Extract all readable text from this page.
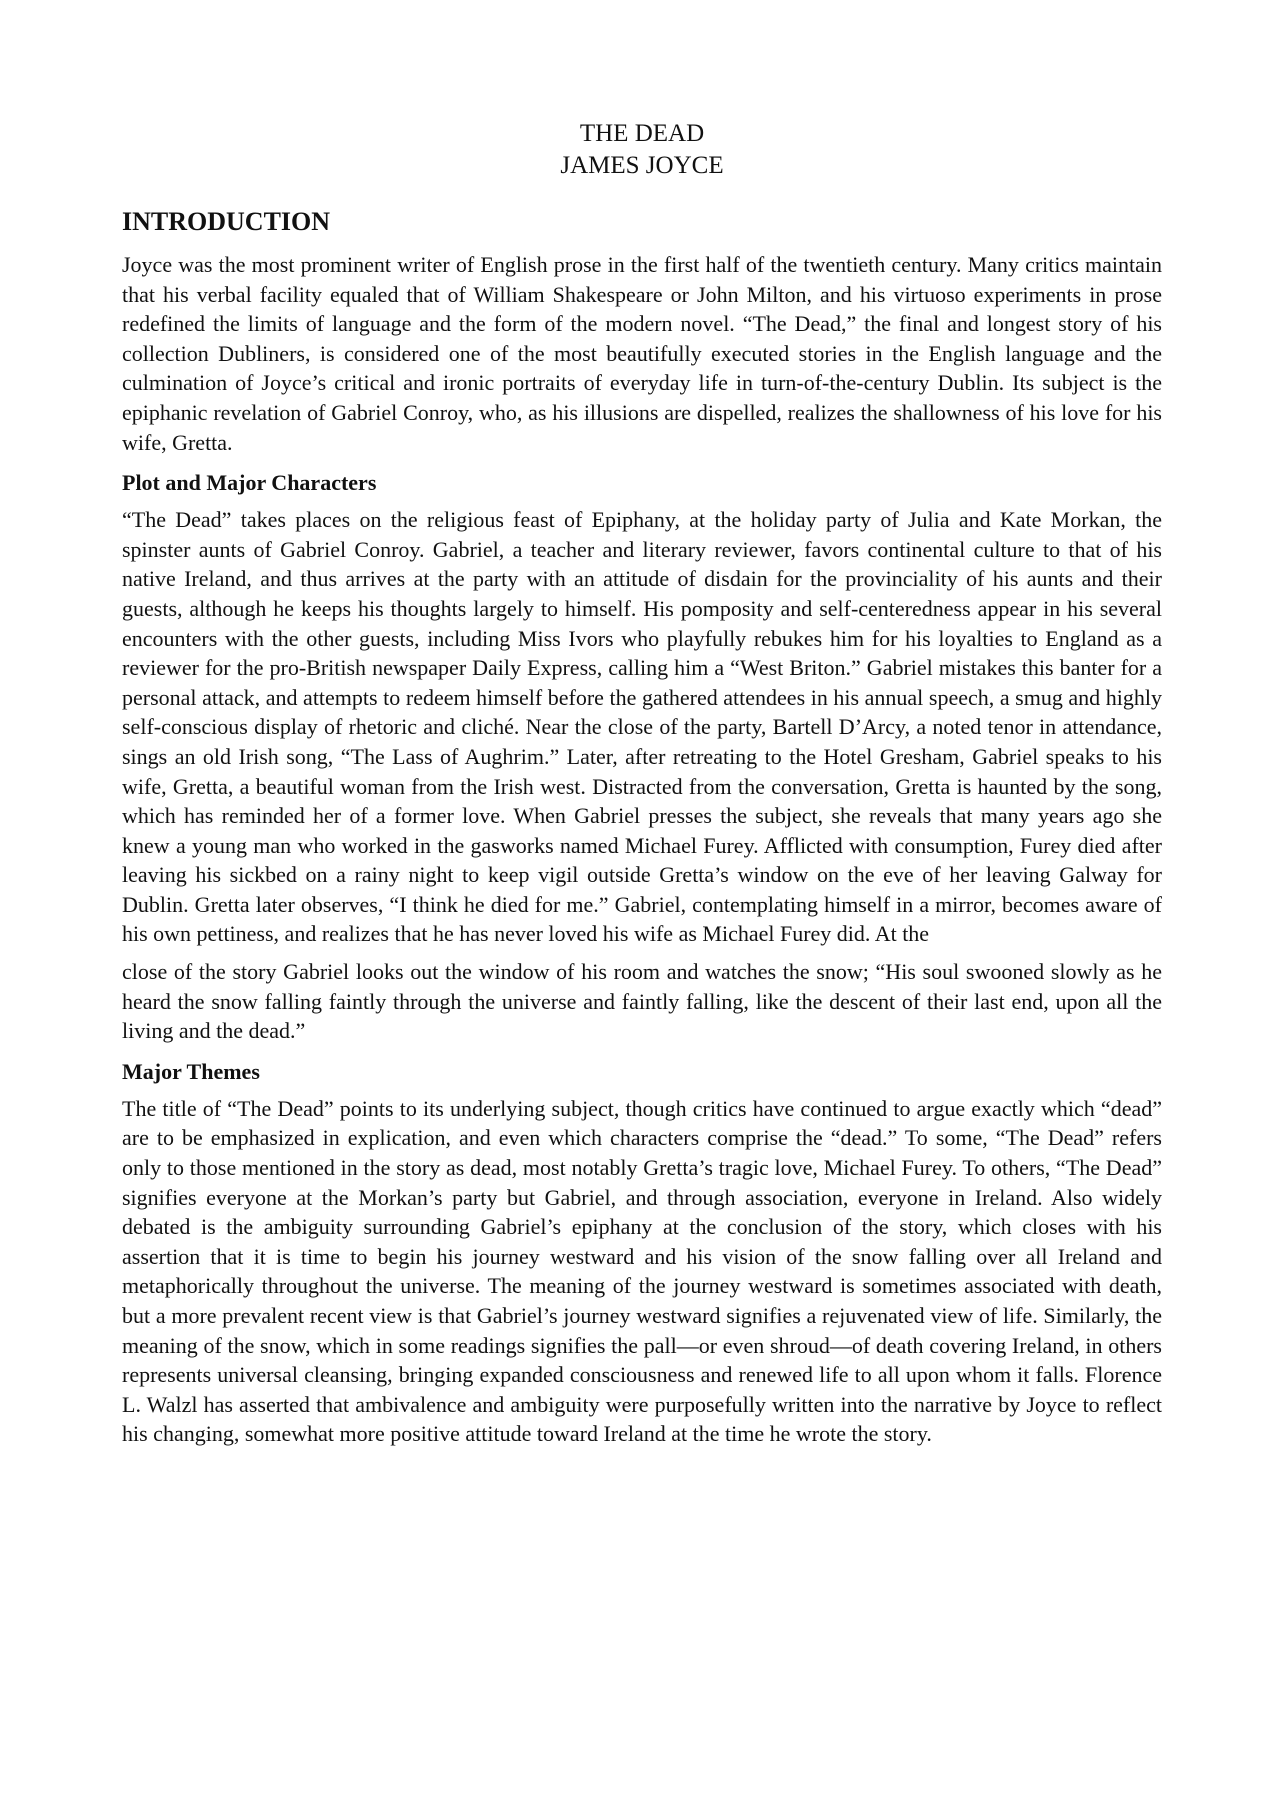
THE DEAD
JAMES JOYCE
INTRODUCTION

Joyce was the most prominent writer of English prose in the first half of the twentieth century. Many critics maintain that his verbal facility equaled that of William Shakespeare or John Milton, and his virtuoso experiments in prose redefined the limits of language and the form of the modern novel. “The Dead,” the final and longest story of his collection Dubliners, is considered one of the most beautifully executed stories in the English language and the culmination of Joyce’s critical and ironic portraits of everyday life in turn-of-the-century Dublin. Its subject is the epiphanic revelation of Gabriel Conroy, who, as his illusions are dispelled, realizes the shallowness of his love for his wife, Gretta.

Plot and Major Characters

“The Dead” takes places on the religious feast of Epiphany, at the holiday party of Julia and Kate Morkan, the spinster aunts of Gabriel Conroy. Gabriel, a teacher and literary reviewer, favors continental culture to that of his native Ireland, and thus arrives at the party with an attitude of disdain for the provinciality of his aunts and their guests, although he keeps his thoughts largely to himself. His pomposity and self-centeredness appear in his several encounters with the other guests, including Miss Ivors who playfully rebukes him for his loyalties to England as a reviewer for the pro-British newspaper Daily Express, calling him a “West Briton.” Gabriel mistakes this banter for a personal attack, and attempts to redeem himself before the gathered attendees in his annual speech, a smug and highly self-conscious display of rhetoric and cliché. Near the close of the party, Bartell D’Arcy, a noted tenor in attendance, sings an old Irish song, “The Lass of Aughrim.” Later, after retreating to the Hotel Gresham, Gabriel speaks to his wife, Gretta, a beautiful woman from the Irish west. Distracted from the conversation, Gretta is haunted by the song, which has reminded her of a former love. When Gabriel presses the subject, she reveals that many years ago she knew a young man who worked in the gasworks named Michael Furey. Afflicted with consumption, Furey died after leaving his sickbed on a rainy night to keep vigil outside Gretta’s window on the eve of her leaving Galway for Dublin. Gretta later observes, “I think he died for me.” Gabriel, contemplating himself in a mirror, becomes aware of his own pettiness, and realizes that he has never loved his wife as Michael Furey did. At the

close of the story Gabriel looks out the window of his room and watches the snow; “His soul swooned slowly as he heard the snow falling faintly through the universe and faintly falling, like the descent of their last end, upon all the living and the dead.”

Major Themes

The title of “The Dead” points to its underlying subject, though critics have continued to argue exactly which “dead” are to be emphasized in explication, and even which characters comprise the “dead.” To some, “The Dead” refers only to those mentioned in the story as dead, most notably Gretta’s tragic love, Michael Furey. To others, “The Dead” signifies everyone at the Morkan’s party but Gabriel, and through association, everyone in Ireland. Also widely debated is the ambiguity surrounding Gabriel’s epiphany at the conclusion of the story, which closes with his assertion that it is time to begin his journey westward and his vision of the snow falling over all Ireland and metaphorically throughout the universe. The meaning of the journey westward is sometimes associated with death, but a more prevalent recent view is that Gabriel’s journey westward signifies a rejuvenated view of life. Similarly, the meaning of the snow, which in some readings signifies the pall—or even shroud—of death covering Ireland, in others represents universal cleansing, bringing expanded consciousness and renewed life to all upon whom it falls. Florence L. Walzl has asserted that ambivalence and ambiguity were purposefully written into the narrative by Joyce to reflect his changing, somewhat more positive attitude toward Ireland at the time he wrote the story.
